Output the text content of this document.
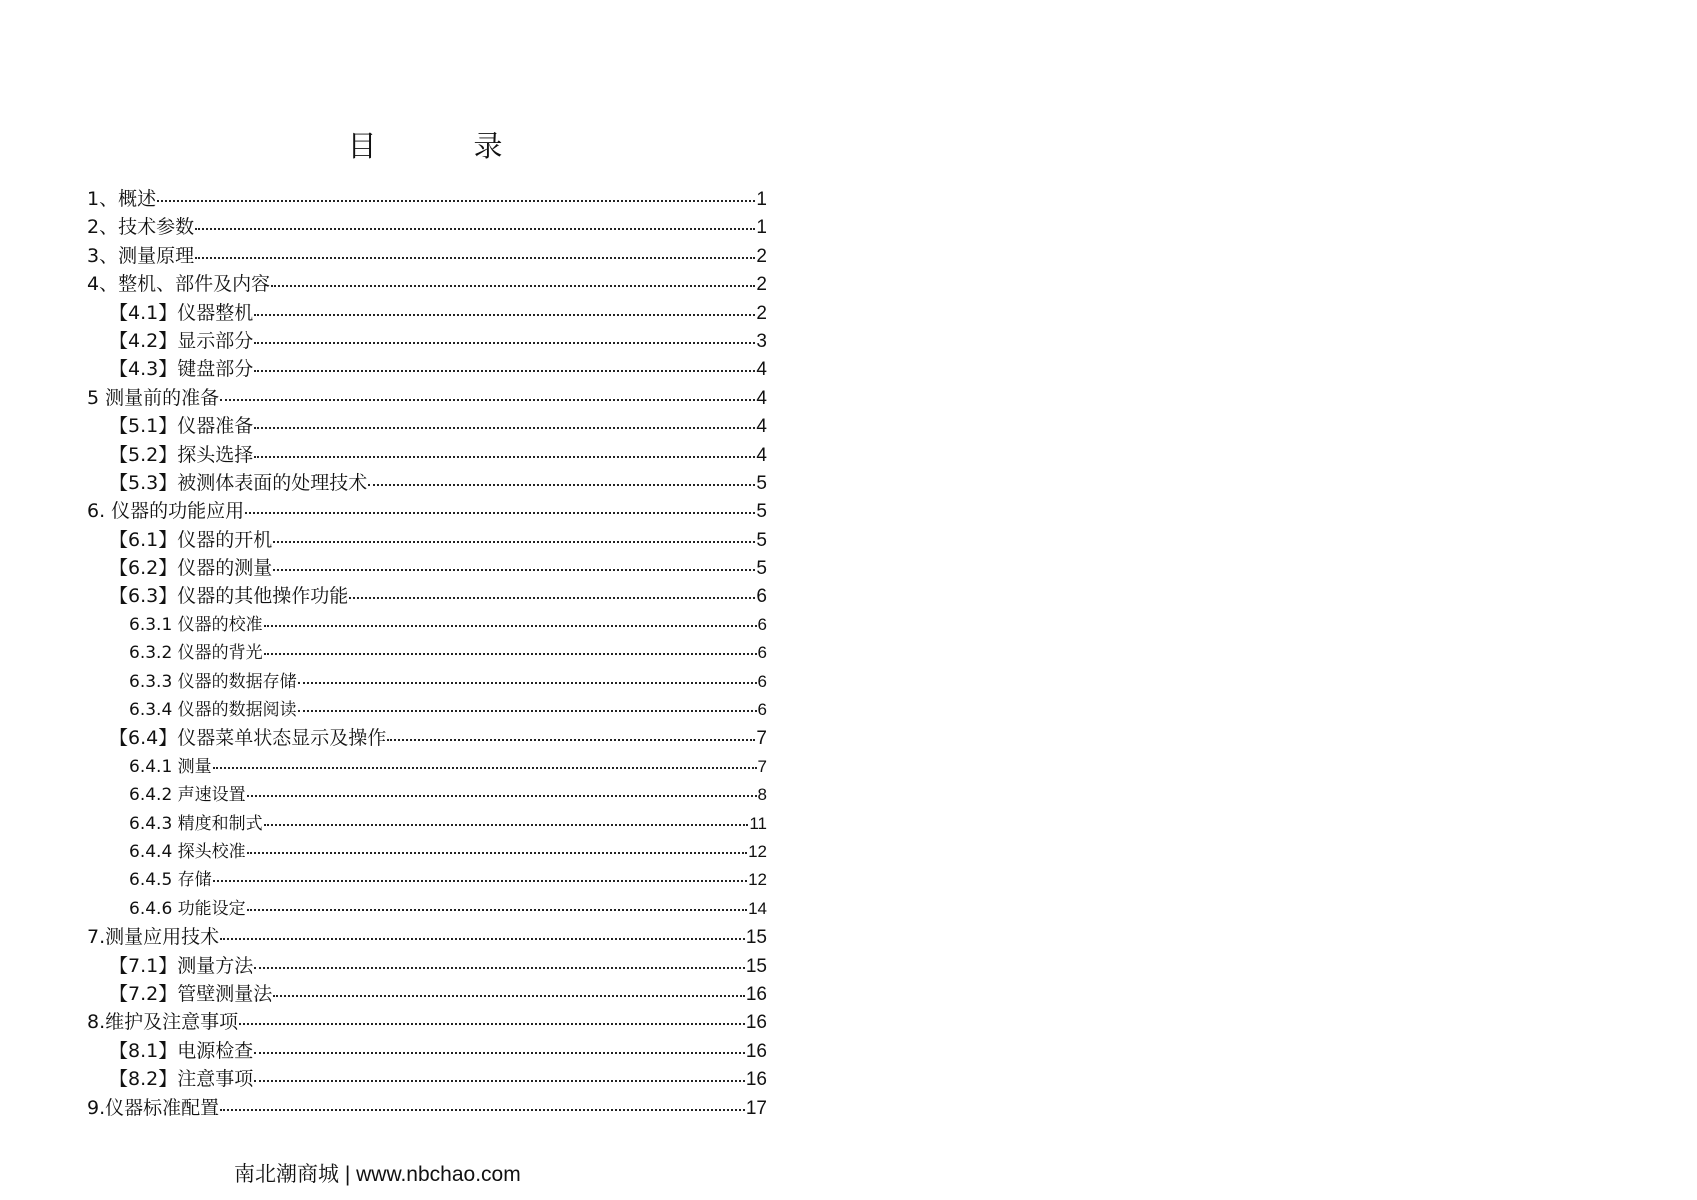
目　录
1、概述	1
2、技术参数	1
3、测量原理	2
4、整机、部件及内容	2
【4.1】仪器整机	2
【4.2】显示部分	3
【4.3】键盘部分	4
5 测量前的准备	4
【5.1】仪器准备	4
【5.2】探头选择	4
【5.3】被测体表面的处理技术	5
6. 仪器的功能应用	5
【6.1】仪器的开机	5
【6.2】仪器的测量	5
【6.3】仪器的其他操作功能	6
6.3.1 仪器的校准	6
6.3.2 仪器的背光	6
6.3.3 仪器的数据存储	6
6.3.4 仪器的数据阅读	6
【6.4】仪器菜单状态显示及操作	7
6.4.1 测量	7
6.4.2 声速设置	8
6.4.3 精度和制式	11
6.4.4 探头校准	12
6.4.5 存储	12
6.4.6 功能设定	14
7.测量应用技术	15
【7.1】测量方法	15
【7.2】管壁测量法	16
8.维护及注意事项	16
【8.1】电源检查	16
【8.2】注意事项	16
9.仪器标准配置	17
南北潮商城 | www.nbchao.com
